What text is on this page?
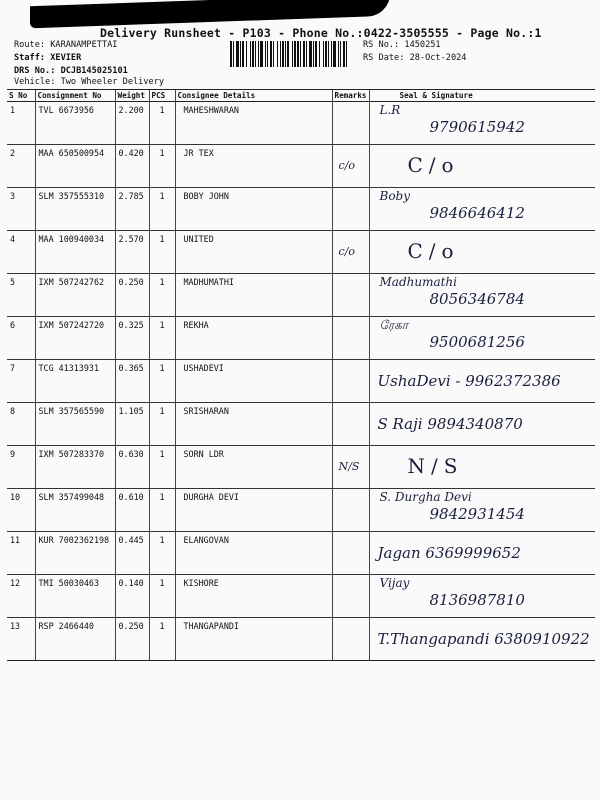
Delivery Runsheet - P103 - Phone No.:0422-3505555 - Page No.:1
Route: KARANAMPETTAI
Staff: XEVIER
DRS No.: DCJB145025101
Vehicle: Two Wheeler Delivery
RS No.: 1450251
RS Date: 28-Oct-2024
S No	Consignment No	Weight	PCS	Consignee Details	Remarks	Seal & Signature
1	TVL 6673956	2.200	1	MAHESHWARAN		L.R
9790615942

2	MAA 650500954	0.420	1	JR TEX	c/o	C/o

3	SLM 357555310	2.785	1	BOBY JOHN		Boby
9846646412

4	MAA 100940034	2.570	1	UNITED	c/o	C/o

5	IXM 507242762	0.250	1	MADHUMATHI		Madhumathi
8056346784

6	IXM 507242720	0.325	1	REKHA		ரேகா
9500681256

7	TCG 41313931	0.365	1	USHADEVI		UshaDevi - 9962372386

8	SLM 357565590	1.105	1	SRISHARAN		S Raji 9894340870

9	IXM 507283370	0.630	1	SORN LDR	N/S	N/S

10	SLM 357499048	0.610	1	DURGHA DEVI		S. Durgha Devi
9842931454

11	KUR 7002362198	0.445	1	ELANGOVAN		Jagan 6369999652

12	TMI 50030463	0.140	1	KISHORE		Vijay
8136987810

13	RSP 2466440	0.250	1	THANGAPANDI		T.Thangapandi 6380910922
